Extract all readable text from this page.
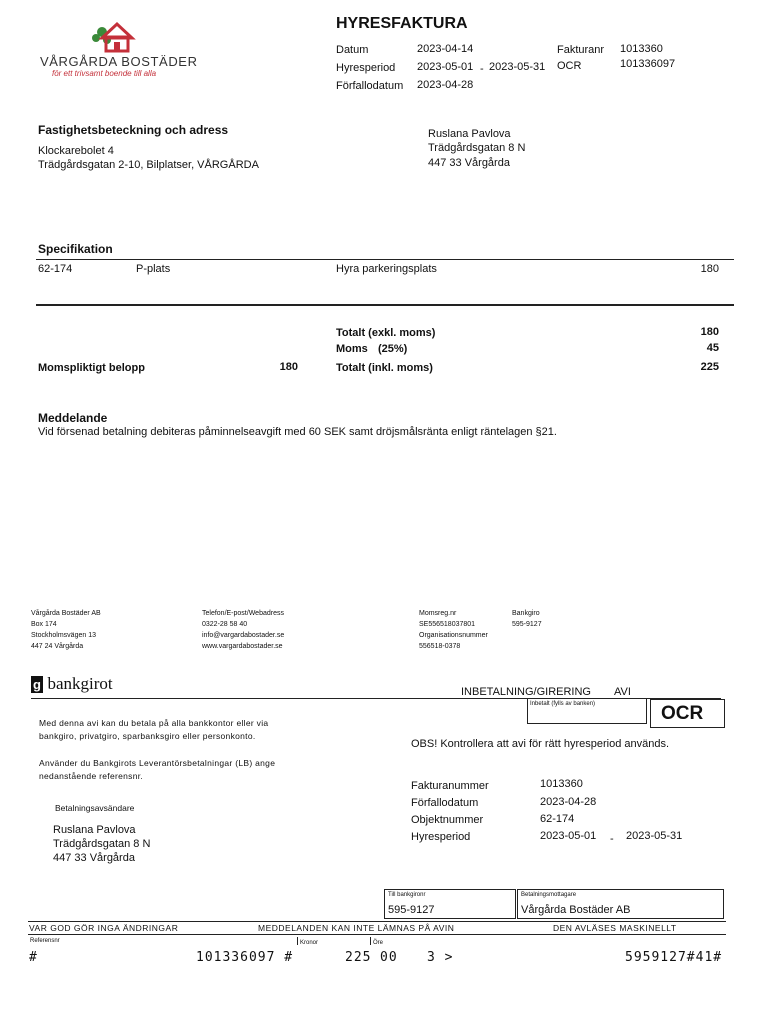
VÅRGÅRDA BOSTÄDER
för ett trivsamt boende till alla
HYRESFAKTURA
Datum	2023-04-14
Hyresperiod 2023-05-01 - 2023-05-31
Förfallodatum 2023-04-28
Fakturanr 1013360
OCR	101336097
Fastighetsbeteckning och adress
Klockarebolet 4
Trädgårdsgatan 2-10, Bilplatser, VÅRGÅRDA
Ruslana Pavlova
Trädgårdsgatan 8 N
447 33 Vårgårda
Specifikation
62-174	P-plats	Hyra parkeringsplats	180
Totalt (exkl. moms)	180
Moms (25%)	45
Momspliktigt belopp	180	Totalt (inkl. moms)	225
Meddelande
Vid försenad betalning debiteras påminnelseavgift med 60 SEK samt dröjsmålsränta enligt räntelagen §21.
Vårgårda Bostäder AB
Box 174
Stockholmsvägen 13
447 24 Vårgårda
Telefon/E-post/Webadress
0322-28 58 40
info@vargardabostader.se
www.vargardabostader.se
Momsreg.nr
SE556518037801
Organisationsnummer
556518-0378
Bankgiro
595-9127
g bankgirot	INBETALNING/GIRERING AVI
Inbetalt (fylls av banken)	OCR
Med denna avi kan du betala på alla bankkontor eller via
bankgiro, privatgiro, sparbanksgiro eller personkonto.
Använder du Bankgirots Leverantörsbetalningar (LB) ange
nedanstående referensnr.
OBS! Kontrollera att avi för rätt hyresperiod används.
Betalningsavsändare
Ruslana Pavlova
Trädgårdsgatan 8 N
447 33 Vårgårda
Fakturanummer	1013360
Förfallodatum	2023-04-28
Objektnummer	62-174
Hyresperiod	2023-05-01 - 2023-05-31
Till bankgironr
595-9127
Betalningsmottagare
Vårgårda Bostäder AB
VAR GOD GÖR INGA ÄNDRINGAR	MEDDELANDEN KAN INTE LÄMNAS PÅ AVIN	DEN AVLÄSES MASKINELLT
Referensnr	Kronor	Öre
#	101336097 #	225 00 3 >	5959127#41#
